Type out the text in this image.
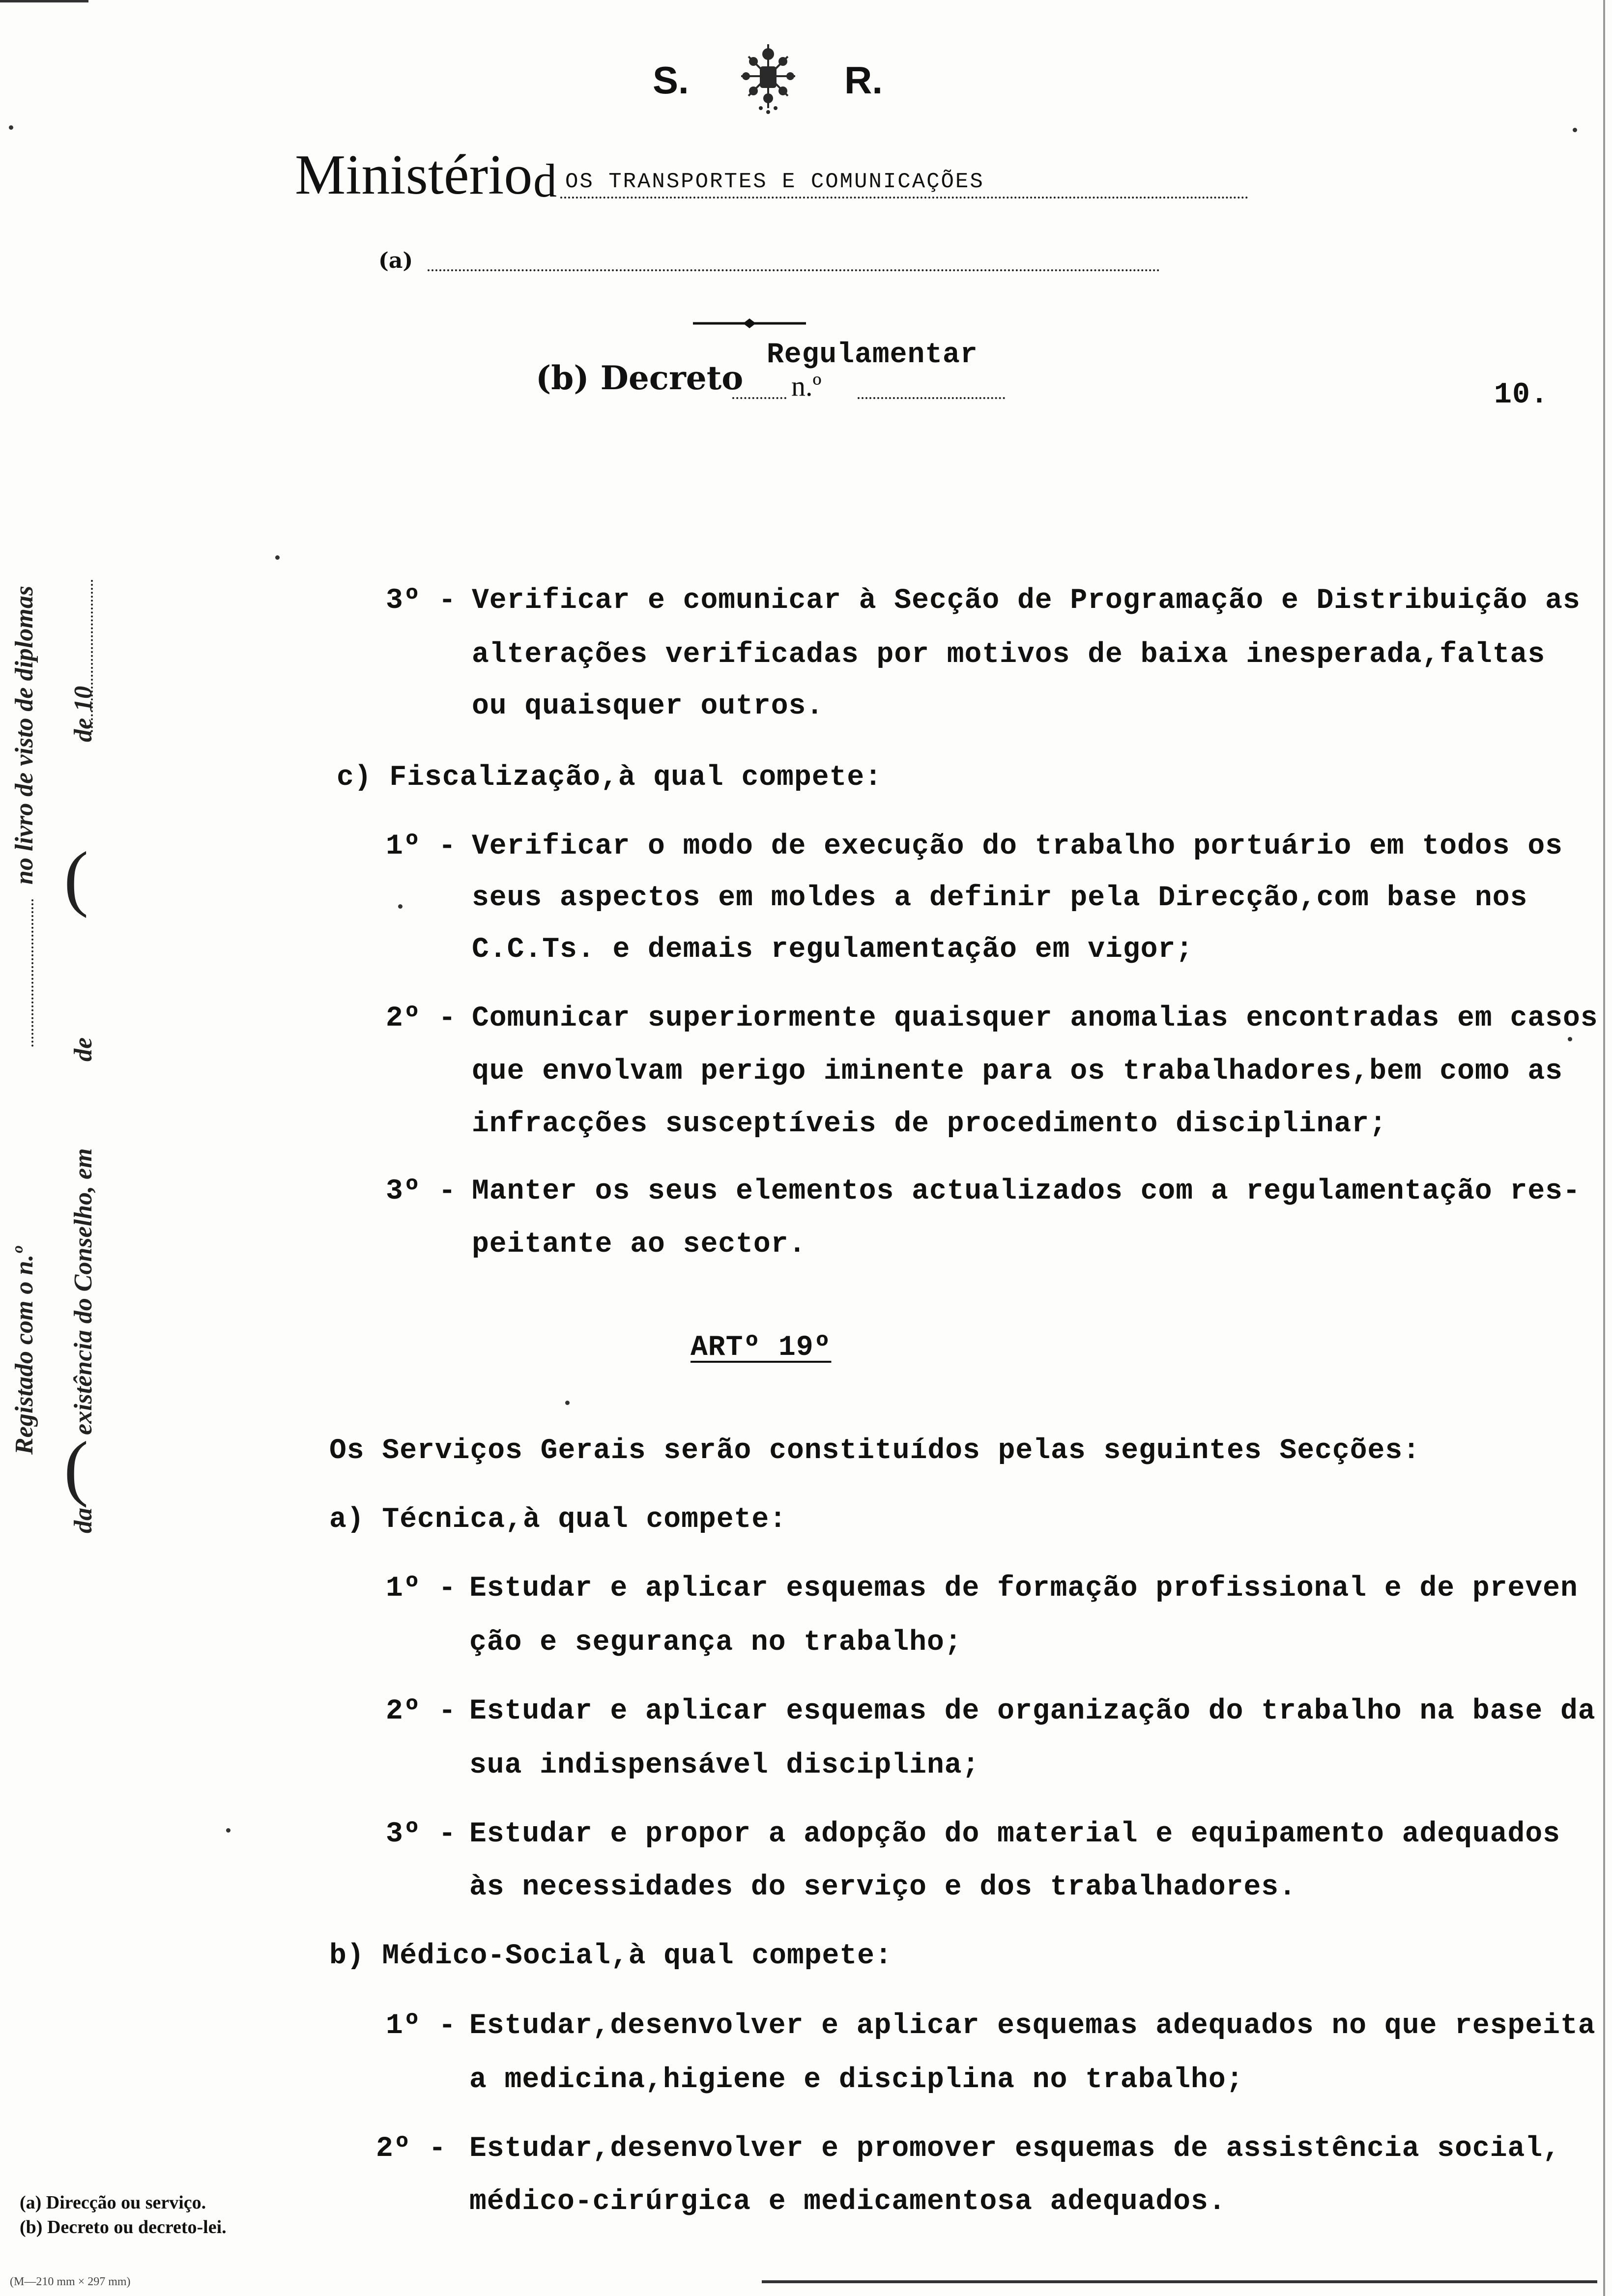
S.	R.
Ministério d OS TRANSPORTES E COMUNICAÇÕES
(a)
(b) Decreto
Regulamentar
n.º	10.
Registado com o n.º
no livro de visto de diplomas
da
(
existência do Conselho, em
de
(
de 10
3º - Verificar e comunicar à Secção de Programação e Distribuição as
alterações verificadas por motivos de baixa inesperada,faltas
ou quaisquer outros.
c) Fiscalização,à qual compete:
1º - Verificar o modo de execução do trabalho portuário em todos os
seus aspectos em moldes a definir pela Direcção,com base nos
C.C.Ts. e demais regulamentação em vigor;
2º - Comunicar superiormente quaisquer anomalias encontradas em casos
que envolvam perigo iminente para os trabalhadores,bem como as
infracções susceptíveis de procedimento disciplinar;
3º - Manter os seus elementos actualizados com a regulamentação res-
peitante ao sector.
ARTº 19º
Os Serviços Gerais serão constituídos pelas seguintes Secções:
a) Técnica,à qual compete:
1º - Estudar e aplicar esquemas de formação profissional e de preven
ção e segurança no trabalho;
2º - Estudar e aplicar esquemas de organização do trabalho na base da
sua indispensável disciplina;
3º - Estudar e propor a adopção do material e equipamento adequados
às necessidades do serviço e dos trabalhadores.
b) Médico-Social,à qual compete:
1º - Estudar,desenvolver e aplicar esquemas adequados no que respeita
a medicina,higiene e disciplina no trabalho;
2º - Estudar,desenvolver e promover esquemas de assistência social,
médico-cirúrgica e medicamentosa adequados.
(a) Direcção ou serviço.
(b) Decreto ou decreto-lei.
(M—210 mm × 297 mm)
